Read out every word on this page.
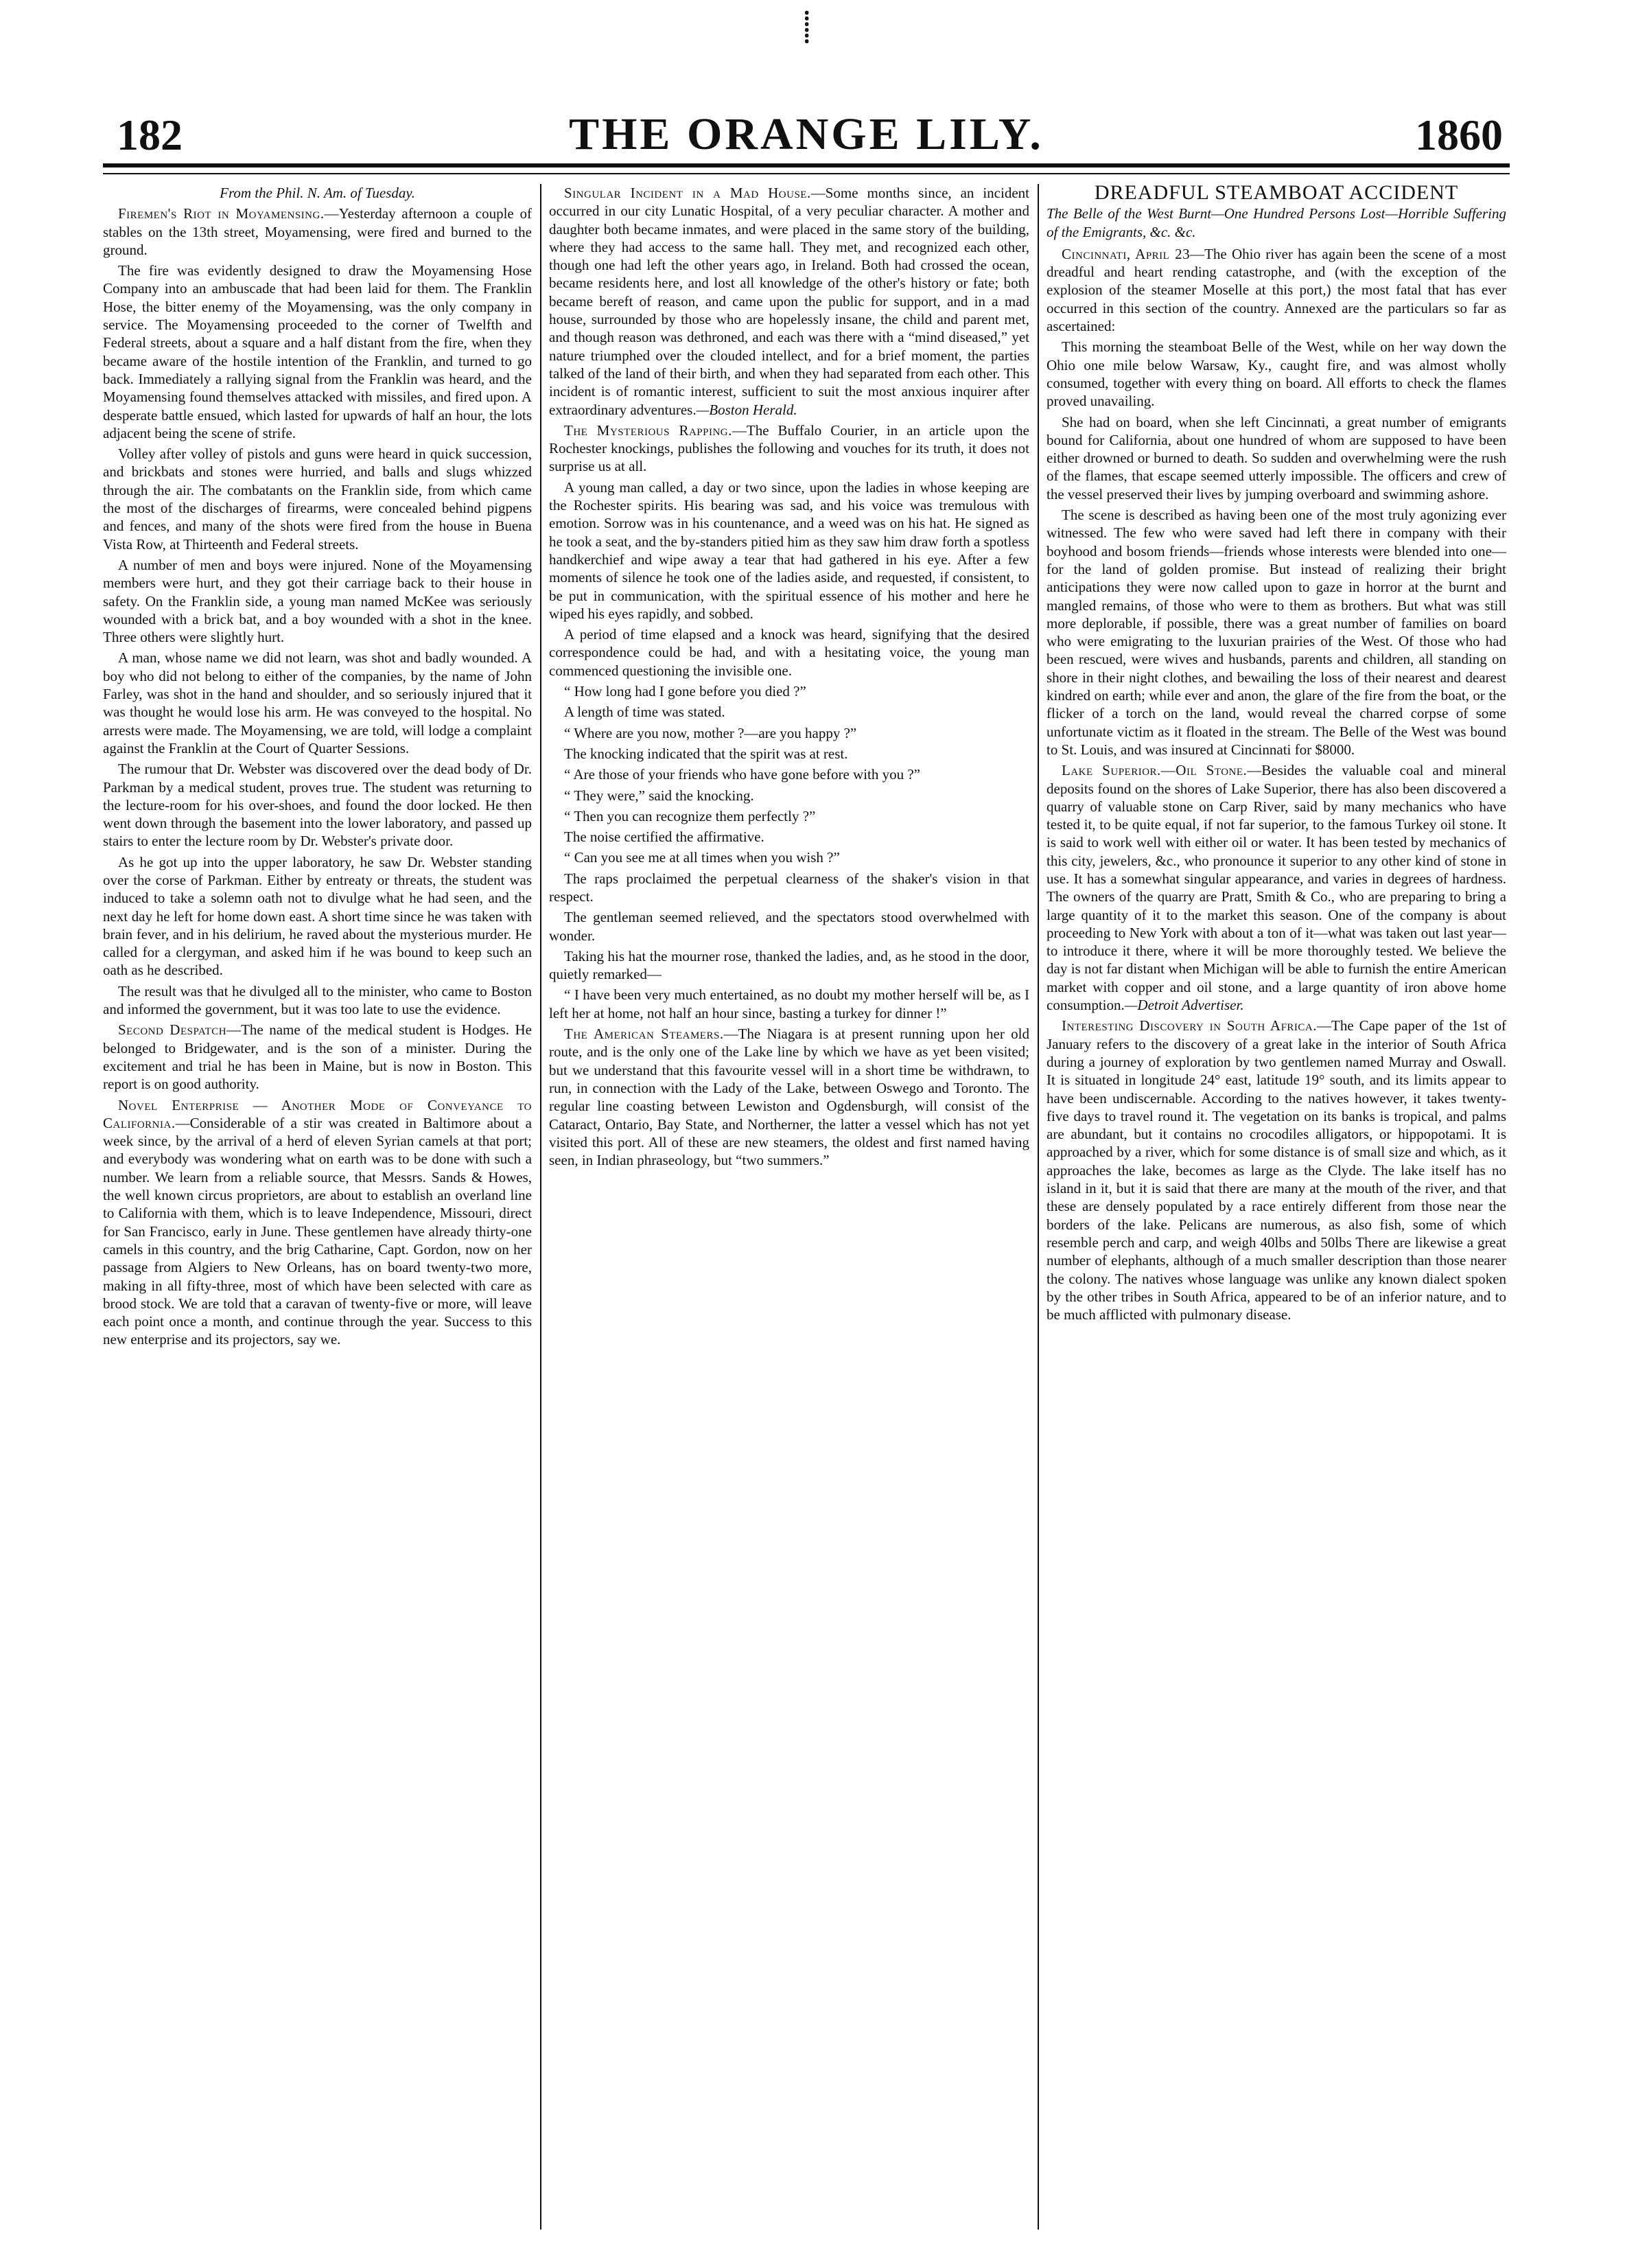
⸽
182	THE ORANGE LILY.	1860

From the Phil. N. Am. of Tuesday.

Firemen's Riot in Moyamensing.—Yesterday afternoon a couple of stables on the 13th street, Moyamensing, were fired and burned to the ground.

The fire was evidently designed to draw the Moyamensing Hose Company into an ambuscade that had been laid for them. The Franklin Hose, the bitter enemy of the Moyamensing, was the only company in service. The Moyamensing proceeded to the corner of Twelfth and Federal streets, about a square and a half distant from the fire, when they became aware of the hostile intention of the Franklin, and turned to go back. Immediately a rallying signal from the Franklin was heard, and the Moyamensing found themselves attacked with missiles, and fired upon. A desperate battle ensued, which lasted for upwards of half an hour, the lots adjacent being the scene of strife.

Volley after volley of pistols and guns were heard in quick succession, and brickbats and stones were hurried, and balls and slugs whizzed through the air. The combatants on the Franklin side, from which came the most of the discharges of firearms, were concealed behind pigpens and fences, and many of the shots were fired from the house in Buena Vista Row, at Thirteenth and Federal streets.

A number of men and boys were injured. None of the Moyamensing members were hurt, and they got their carriage back to their house in safety. On the Franklin side, a young man named McKee was seriously wounded with a brick bat, and a boy wounded with a shot in the knee. Three others were slightly hurt.

A man, whose name we did not learn, was shot and badly wounded. A boy who did not belong to either of the companies, by the name of John Farley, was shot in the hand and shoulder, and so seriously injured that it was thought he would lose his arm. He was conveyed to the hospital. No arrests were made. The Moyamensing, we are told, will lodge a complaint against the Franklin at the Court of Quarter Sessions.

The rumour that Dr. Webster was discovered over the dead body of Dr. Parkman by a medical student, proves true. The student was returning to the lecture-room for his over-shoes, and found the door locked. He then went down through the basement into the lower laboratory, and passed up stairs to enter the lecture room by Dr. Webster's private door.

As he got up into the upper laboratory, he saw Dr. Webster standing over the corse of Parkman. Either by entreaty or threats, the student was induced to take a solemn oath not to divulge what he had seen, and the next day he left for home down east. A short time since he was taken with brain fever, and in his delirium, he raved about the mysterious murder. He called for a clergyman, and asked him if he was bound to keep such an oath as he described.

The result was that he divulged all to the minister, who came to Boston and informed the government, but it was too late to use the evidence.

Second Despatch—The name of the medical student is Hodges. He belonged to Bridgewater, and is the son of a minister. During the excitement and trial he has been in Maine, but is now in Boston. This report is on good authority.

Novel Enterprise — Another Mode of Conveyance to California.—Considerable of a stir was created in Baltimore about a week since, by the arrival of a herd of eleven Syrian camels at that port; and everybody was wondering what on earth was to be done with such a number. We learn from a reliable source, that Messrs. Sands & Howes, the well known circus proprietors, are about to establish an overland line to California with them, which is to leave Independence, Missouri, direct for San Francisco, early in June. These gentlemen have already thirty-one camels in this country, and the brig Catharine, Capt. Gordon, now on her passage from Algiers to New Orleans, has on board twenty-two more, making in all fifty-three, most of which have been selected with care as brood stock. We are told that a caravan of twenty-five or more, will leave each point once a month, and continue through the year. Success to this new enterprise and its projectors, say we.

Singular Incident in a Mad House.—Some months since, an incident occurred in our city Lunatic Hospital, of a very peculiar character. A mother and daughter both became inmates, and were placed in the same story of the building, where they had access to the same hall. They met, and recognized each other, though one had left the other years ago, in Ireland. Both had crossed the ocean, became residents here, and lost all knowledge of the other's history or fate; both became bereft of reason, and came upon the public for support, and in a mad house, surrounded by those who are hopelessly insane, the child and parent met, and though reason was dethroned, and each was there with a “mind diseased,” yet nature triumphed over the clouded intellect, and for a brief moment, the parties talked of the land of their birth, and when they had separated from each other. This incident is of romantic interest, sufficient to suit the most anxious inquirer after extraordinary adventures.—Boston Herald.

The Mysterious Rapping.—The Buffalo Courier, in an article upon the Rochester knockings, publishes the following and vouches for its truth, it does not surprise us at all.

A young man called, a day or two since, upon the ladies in whose keeping are the Rochester spirits. His bearing was sad, and his voice was tremulous with emotion. Sorrow was in his countenance, and a weed was on his hat. He signed as he took a seat, and the by-standers pitied him as they saw him draw forth a spotless handkerchief and wipe away a tear that had gathered in his eye. After a few moments of silence he took one of the ladies aside, and requested, if consistent, to be put in communication, with the spiritual essence of his mother and here he wiped his eyes rapidly, and sobbed.

A period of time elapsed and a knock was heard, signifying that the desired correspondence could be had, and with a hesitating voice, the young man commenced questioning the invisible one.

“ How long had I gone before you died ?”

A length of time was stated.

“ Where are you now, mother ?—are you happy ?”

The knocking indicated that the spirit was at rest.

“ Are those of your friends who have gone before with you ?”

“ They were,” said the knocking.

“ Then you can recognize them perfectly ?”

The noise certified the affirmative.

“ Can you see me at all times when you wish ?”

The raps proclaimed the perpetual clearness of the shaker's vision in that respect.

The gentleman seemed relieved, and the spectators stood overwhelmed with wonder.

Taking his hat the mourner rose, thanked the ladies, and, as he stood in the door, quietly remarked—

“ I have been very much entertained, as no doubt my mother herself will be, as I left her at home, not half an hour since, basting a turkey for dinner !”

The American Steamers.—The Niagara is at present running upon her old route, and is the only one of the Lake line by which we have as yet been visited; but we understand that this favourite vessel will in a short time be withdrawn, to run, in connection with the Lady of the Lake, between Oswego and Toronto. The regular line coasting between Lewiston and Ogdensburgh, will consist of the Cataract, Ontario, Bay State, and Northerner, the latter a vessel which has not yet visited this port. All of these are new steamers, the oldest and first named having seen, in Indian phraseology, but “two summers.”

DREADFUL STEAMBOAT ACCIDENT

The Belle of the West Burnt—One Hundred Persons Lost—Horrible Suffering of the Emigrants, &c. &c.

Cincinnati, April 23—The Ohio river has again been the scene of a most dreadful and heart rending catastrophe, and (with the exception of the explosion of the steamer Moselle at this port,) the most fatal that has ever occurred in this section of the country. Annexed are the particulars so far as ascertained:

This morning the steamboat Belle of the West, while on her way down the Ohio one mile below Warsaw, Ky., caught fire, and was almost wholly consumed, together with every thing on board. All efforts to check the flames proved unavailing.

She had on board, when she left Cincinnati, a great number of emigrants bound for California, about one hundred of whom are supposed to have been either drowned or burned to death. So sudden and overwhelming were the rush of the flames, that escape seemed utterly impossible. The officers and crew of the vessel preserved their lives by jumping overboard and swimming ashore.

The scene is described as having been one of the most truly agonizing ever witnessed. The few who were saved had left there in company with their boyhood and bosom friends—friends whose interests were blended into one—for the land of golden promise. But instead of realizing their bright anticipations they were now called upon to gaze in horror at the burnt and mangled remains, of those who were to them as brothers. But what was still more deplorable, if possible, there was a great number of families on board who were emigrating to the luxurian prairies of the West. Of those who had been rescued, were wives and husbands, parents and children, all standing on shore in their night clothes, and bewailing the loss of their nearest and dearest kindred on earth; while ever and anon, the glare of the fire from the boat, or the flicker of a torch on the land, would reveal the charred corpse of some unfortunate victim as it floated in the stream. The Belle of the West was bound to St. Louis, and was insured at Cincinnati for $8000.

Lake Superior.—Oil Stone.—Besides the valuable coal and mineral deposits found on the shores of Lake Superior, there has also been discovered a quarry of valuable stone on Carp River, said by many mechanics who have tested it, to be quite equal, if not far superior, to the famous Turkey oil stone. It is said to work well with either oil or water. It has been tested by mechanics of this city, jewelers, &c., who pronounce it superior to any other kind of stone in use. It has a somewhat singular appearance, and varies in degrees of hardness. The owners of the quarry are Pratt, Smith & Co., who are preparing to bring a large quantity of it to the market this season. One of the company is about proceeding to New York with about a ton of it—what was taken out last year—to introduce it there, where it will be more thoroughly tested. We believe the day is not far distant when Michigan will be able to furnish the entire American market with copper and oil stone, and a large quantity of iron above home consumption.—Detroit Advertiser.

Interesting Discovery in South Africa.—The Cape paper of the 1st of January refers to the discovery of a great lake in the interior of South Africa during a journey of exploration by two gentlemen named Murray and Oswall. It is situated in longitude 24° east, latitude 19° south, and its limits appear to have been undiscernable. According to the natives however, it takes twenty-five days to travel round it. The vegetation on its banks is tropical, and palms are abundant, but it contains no crocodiles alligators, or hippopotami. It is approached by a river, which for some distance is of small size and which, as it approaches the lake, becomes as large as the Clyde. The lake itself has no island in it, but it is said that there are many at the mouth of the river, and that these are densely populated by a race entirely different from those near the borders of the lake. Pelicans are numerous, as also fish, some of which resemble perch and carp, and weigh 40lbs and 50lbs There are likewise a great number of elephants, although of a much smaller description than those nearer the colony. The natives whose language was unlike any known dialect spoken by the other tribes in South Africa, appeared to be of an inferior nature, and to be much afflicted with pulmonary disease.
